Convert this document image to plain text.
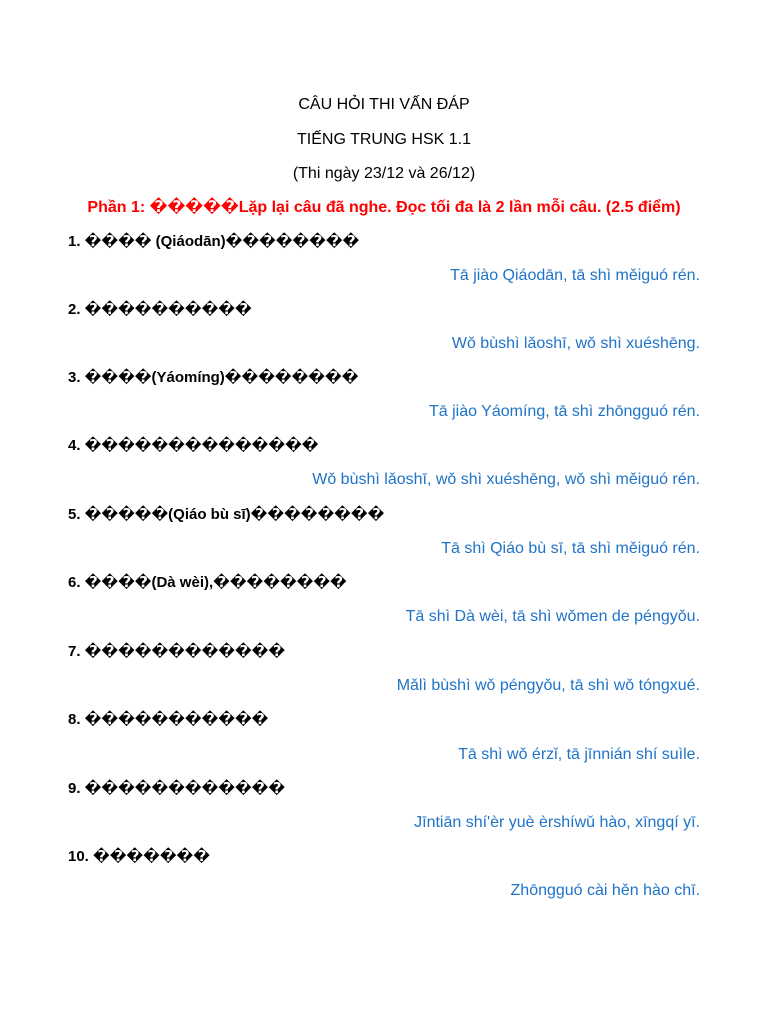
CÂU HỎI THI VẤN ĐÁP
TIẾNG TRUNG HSK 1.1
(Thi ngày 23/12 và 26/12)
Phần 1: �����Lặp lại câu đã nghe. Đọc tối đa là 2 lần mỗi câu. (2.5 điểm)
1. ���� (Qiáodān)��������
Tā jiào Qiáodān, tā shì měiguó rén.
2. ����������
Wǒ bùshì lǎoshī, wǒ shì xuéshēng.
3. ����(Yáomíng)��������
Tā jiào Yáomíng, tā shì zhōngguó rén.
4. ��������������
Wǒ bùshì lǎoshī, wǒ shì xuéshēng, wǒ shì měiguó rén.
5. �����(Qiáo bù sī)��������
Tā shì Qiáo bù sī, tā shì měiguó rén.
6. ����(Dà wèi),��������
Tā shì Dà wèi, tā shì wǒmen de péngyǒu.
7. ������������
Mǎlì bùshì wǒ péngyǒu, tā shì wǒ tóngxué.
8. �����������
Tā shì wǒ érzǐ, tā jīnnián shí suìle.
9. ������������
Jīntiān shí'èr yuè èrshíwǔ hào, xīngqí yī.
10. �������
Zhōngguó cài hěn hào chī.
